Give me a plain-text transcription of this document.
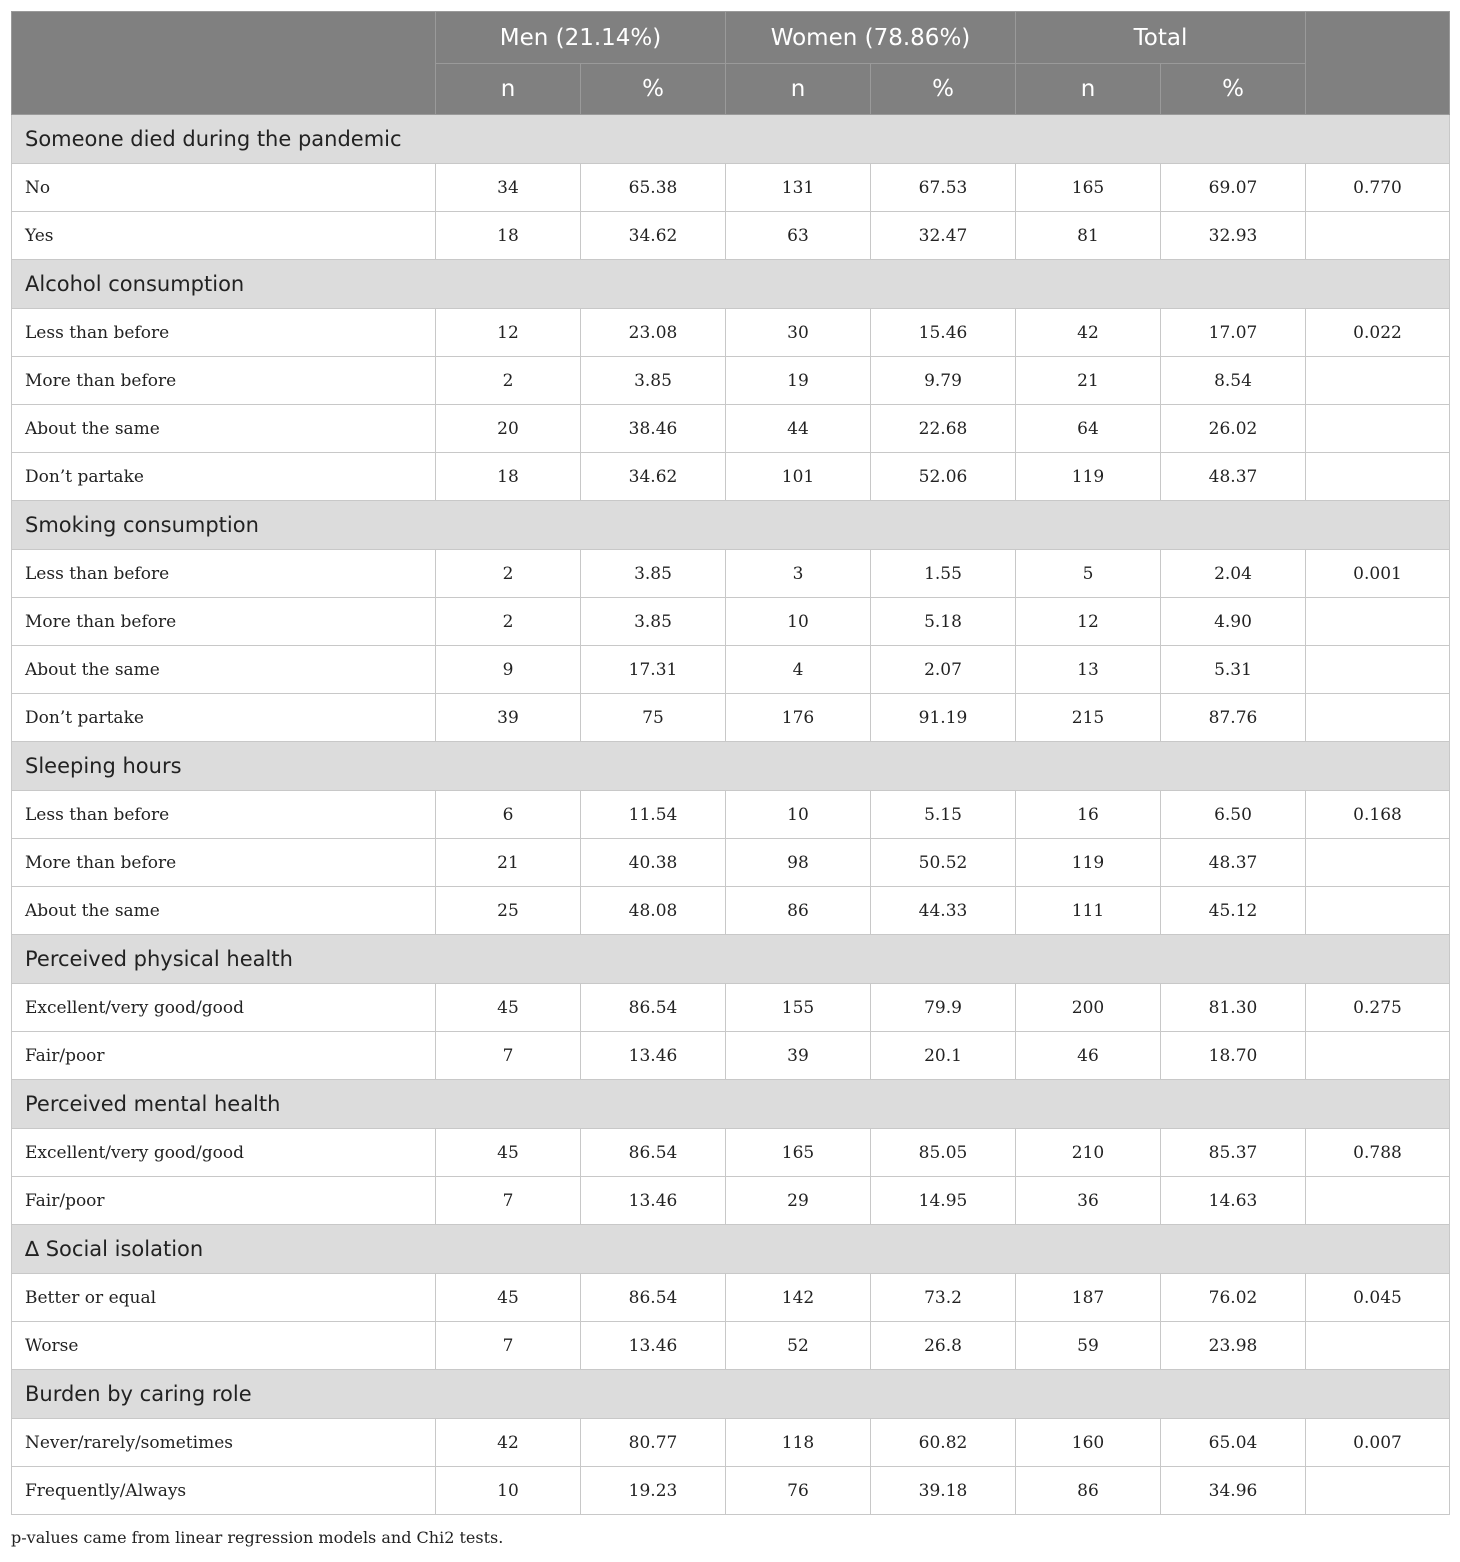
	Men (21.14%)		Women (78.86%)		Total		
	n	%	n	%	n	%	
Someone died during the pandemic							
No	34	65.38	131	67.53	165	69.07	0.770
Yes	18	34.62	63	32.47	81	32.93	
Alcohol consumption							
Less than before	12	23.08	30	15.46	42	17.07	0.022
More than before	2	3.85	19	9.79	21	8.54	
About the same	20	38.46	44	22.68	64	26.02	
Don’t partake	18	34.62	101	52.06	119	48.37	
Smoking consumption							
Less than before	2	3.85	3	1.55	5	2.04	0.001
More than before	2	3.85	10	5.18	12	4.90	
About the same	9	17.31	4	2.07	13	5.31	
Don’t partake	39	75	176	91.19	215	87.76	
Sleeping hours							
Less than before	6	11.54	10	5.15	16	6.50	0.168
More than before	21	40.38	98	50.52	119	48.37	
About the same	25	48.08	86	44.33	111	45.12	
Perceived physical health							
Excellent/very good/good	45	86.54	155	79.9	200	81.30	0.275
Fair/poor	7	13.46	39	20.1	46	18.70	
Perceived mental health							
Excellent/very good/good	45	86.54	165	85.05	210	85.37	0.788
Fair/poor	7	13.46	29	14.95	36	14.63	
∆ Social isolation							
Better or equal	45	86.54	142	73.2	187	76.02	0.045
Worse	7	13.46	52	26.8	59	23.98	
Burden by caring role							
Never/rarely/sometimes	42	80.77	118	60.82	160	65.04	0.007
Frequently/Always	10	19.23	76	39.18	86	34.96	
p-values came from linear regression models and Chi2 tests.
